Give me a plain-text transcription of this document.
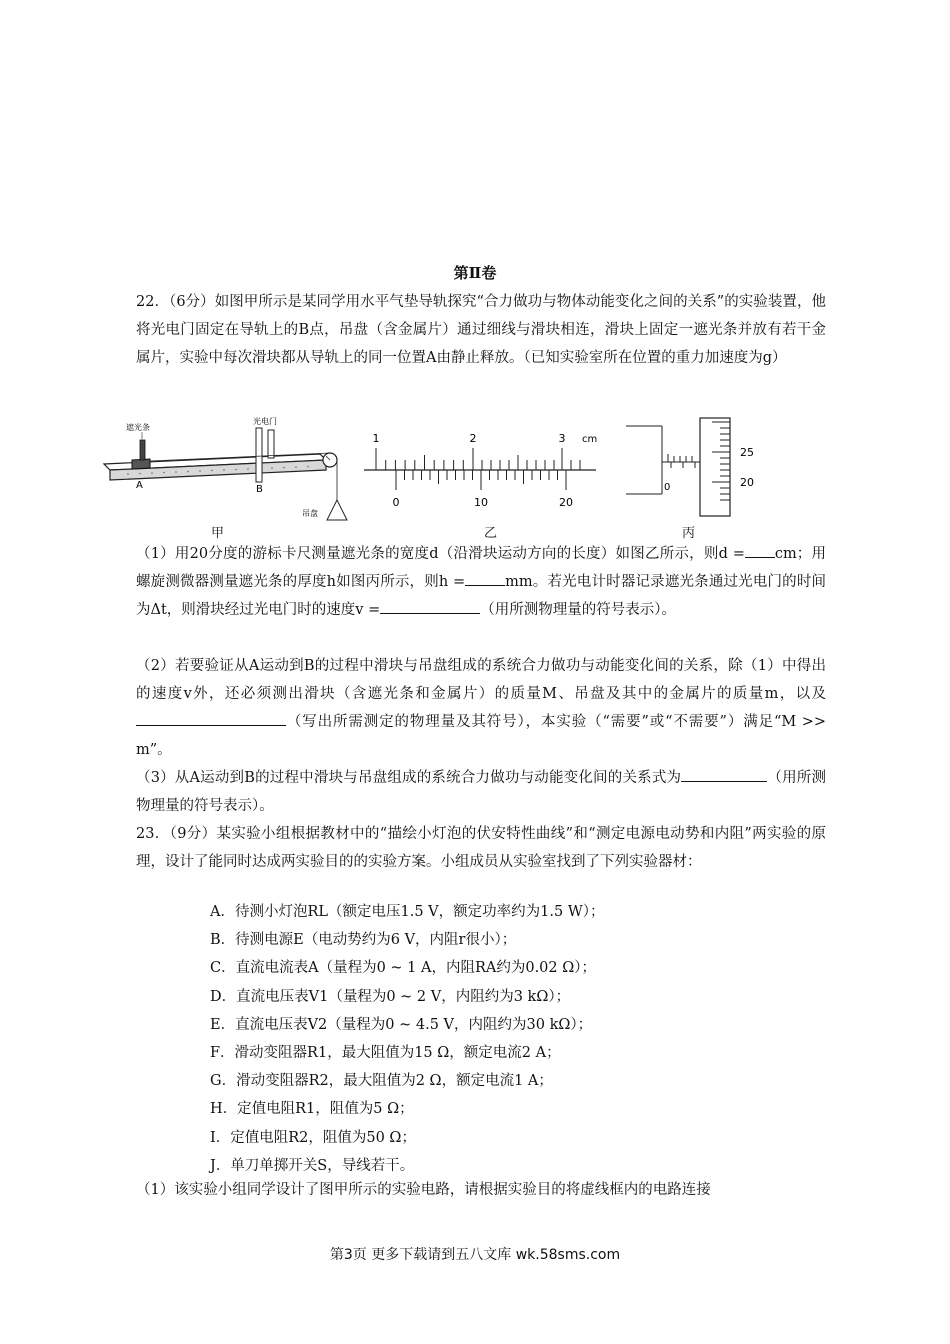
第Ⅱ卷
22．（6分）如图甲所示是某同学用水平气垫导轨探究“合力做功与物体动能变化之间的关系”的实验装置，他将光电门固定在导轨上的B点，吊盘（含金属片）通过细线与滑块相连，滑块上固定一遮光条并放有若干金属片，实验中每次滑块都从导轨上的同一位置A由静止释放。（已知实验室所在位置的重力加速度为g）
遮光条
光电门
吊盘
A	B
甲
1	2	3 cm
0	10	20
乙
0
25
20
丙
（1）用20分度的游标卡尺测量遮光条的宽度d（沿滑块运动方向的长度）如图乙所示，则d = cm；用螺旋测微器测量遮光条的厚度h如图丙所示，则h =	mm。若光电计时器记录遮光条通过光电门的时间为Δt，则滑块经过光电门时的速度v =	（用所测物理量的符号表示）。
（2）若要验证从A运动到B的过程中滑块与吊盘组成的系统合力做功与动能变化间的关系，除（1）中得出的速度v外，还必须测出滑块（含遮光条和金属片）的质量M、吊盘及其中的金属片的质量m，以及（写出所需测定的物理量及其符号），本实验（“需要”或“不需要”）满足“M >> m”。
（3）从A运动到B的过程中滑块与吊盘组成的系统合力做功与动能变化间的关系式为	（用所测物理量的符号表示）。
23．（9分）某实验小组根据教材中的“描绘小灯泡的伏安特性曲线”和“测定电源电动势和内阻”两实验的原理，设计了能同时达成两实验目的的实验方案。小组成员从实验室找到了下列实验器材：
A．待测小灯泡RL（额定电压1.5 V，额定功率约为1.5 W）；
B．待测电源E（电动势约为6 V，内阻r很小）；
C．直流电流表A（量程为0 ~ 1 A，内阻RA约为0.02 Ω）；
D．直流电压表V1（量程为0 ~ 2 V，内阻约为3 kΩ）；
E．直流电压表V2（量程为0 ~ 4.5 V，内阻约为30 kΩ）；
F．滑动变阻器R1，最大阻值为15 Ω，额定电流2 A；
G．滑动变阻器R2，最大阻值为2 Ω，额定电流1 A；
H．定值电阻R1，阻值为5 Ω；
I．定值电阻R2，阻值为50 Ω；
J．单刀单掷开关S，导线若干。
（1）该实验小组同学设计了图甲所示的实验电路，请根据实验目的将虚线框内的电路连接
第3页 更多下载请到五八文库 wk.58sms.com
